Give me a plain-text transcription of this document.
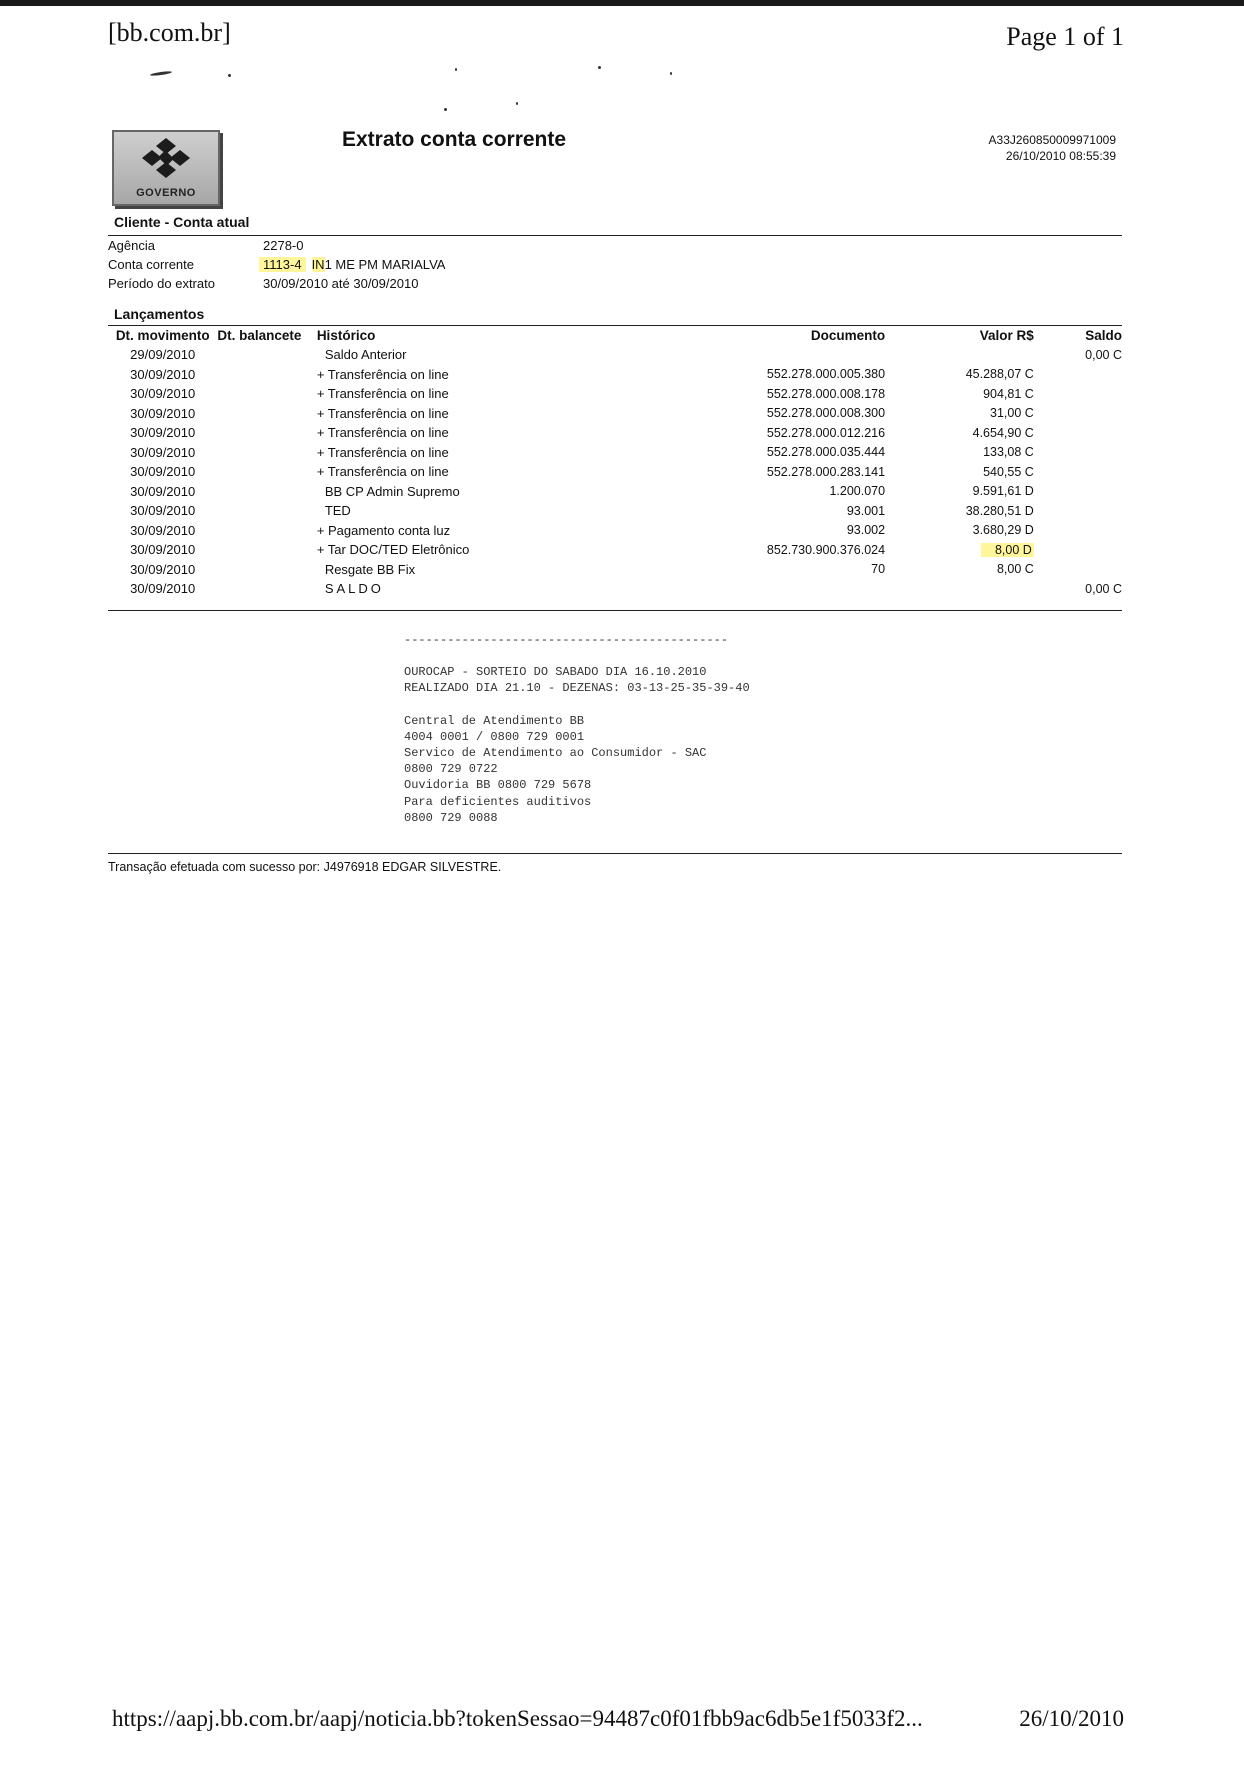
[bb.com.br]	Page 1 of 1
GOVERNO
Extrato conta corrente	A33J260850009971009
26/10/2010 08:55:39
Cliente - Conta atual
Agência	2278-0
Conta corrente	1113-4 IN1 ME PM MARIALVA
Período do extrato	30/09/2010 até 30/09/2010
Lançamentos
Dt. movimento	Dt. balancete	Histórico	Documento	Valor R$	Saldo
29/09/2010		Saldo Anterior			0,00 C
30/09/2010		+ Transferência on line	552.278.000.005.380	45.288,07 C	
30/09/2010		+ Transferência on line	552.278.000.008.178	904,81 C	
30/09/2010		+ Transferência on line	552.278.000.008.300	31,00 C	
30/09/2010		+ Transferência on line	552.278.000.012.216	4.654,90 C	
30/09/2010		+ Transferência on line	552.278.000.035.444	133,08 C	
30/09/2010		+ Transferência on line	552.278.000.283.141	540,55 C	
30/09/2010		BB CP Admin Supremo	1.200.070	9.591,61 D	
30/09/2010		TED	93.001	38.280,51 D	
30/09/2010		+ Pagamento conta luz	93.002	3.680,29 D	
30/09/2010		+ Tar DOC/TED Eletrônico	852.730.900.376.024	8,00 D	
30/09/2010		Resgate BB Fix	70	8,00 C	
30/09/2010		SALDO			0,00 C
---------------------------------------------
OUROCAP - SORTEIO DO SABADO DIA 16.10.2010
REALIZADO DIA 21.10 - DEZENAS: 03-13-25-35-39-40
Central de Atendimento BB
4004 0001 / 0800 729 0001
Servico de Atendimento ao Consumidor - SAC
0800 729 0722
Ouvidoria BB 0800 729 5678
Para deficientes auditivos
0800 729 0088
Transação efetuada com sucesso por: J4976918 EDGAR SILVESTRE.
https://aapj.bb.com.br/aapj/noticia.bb?tokenSessao=94487c0f01fbb9ac6db5e1f5033f2...	26/10/2010
